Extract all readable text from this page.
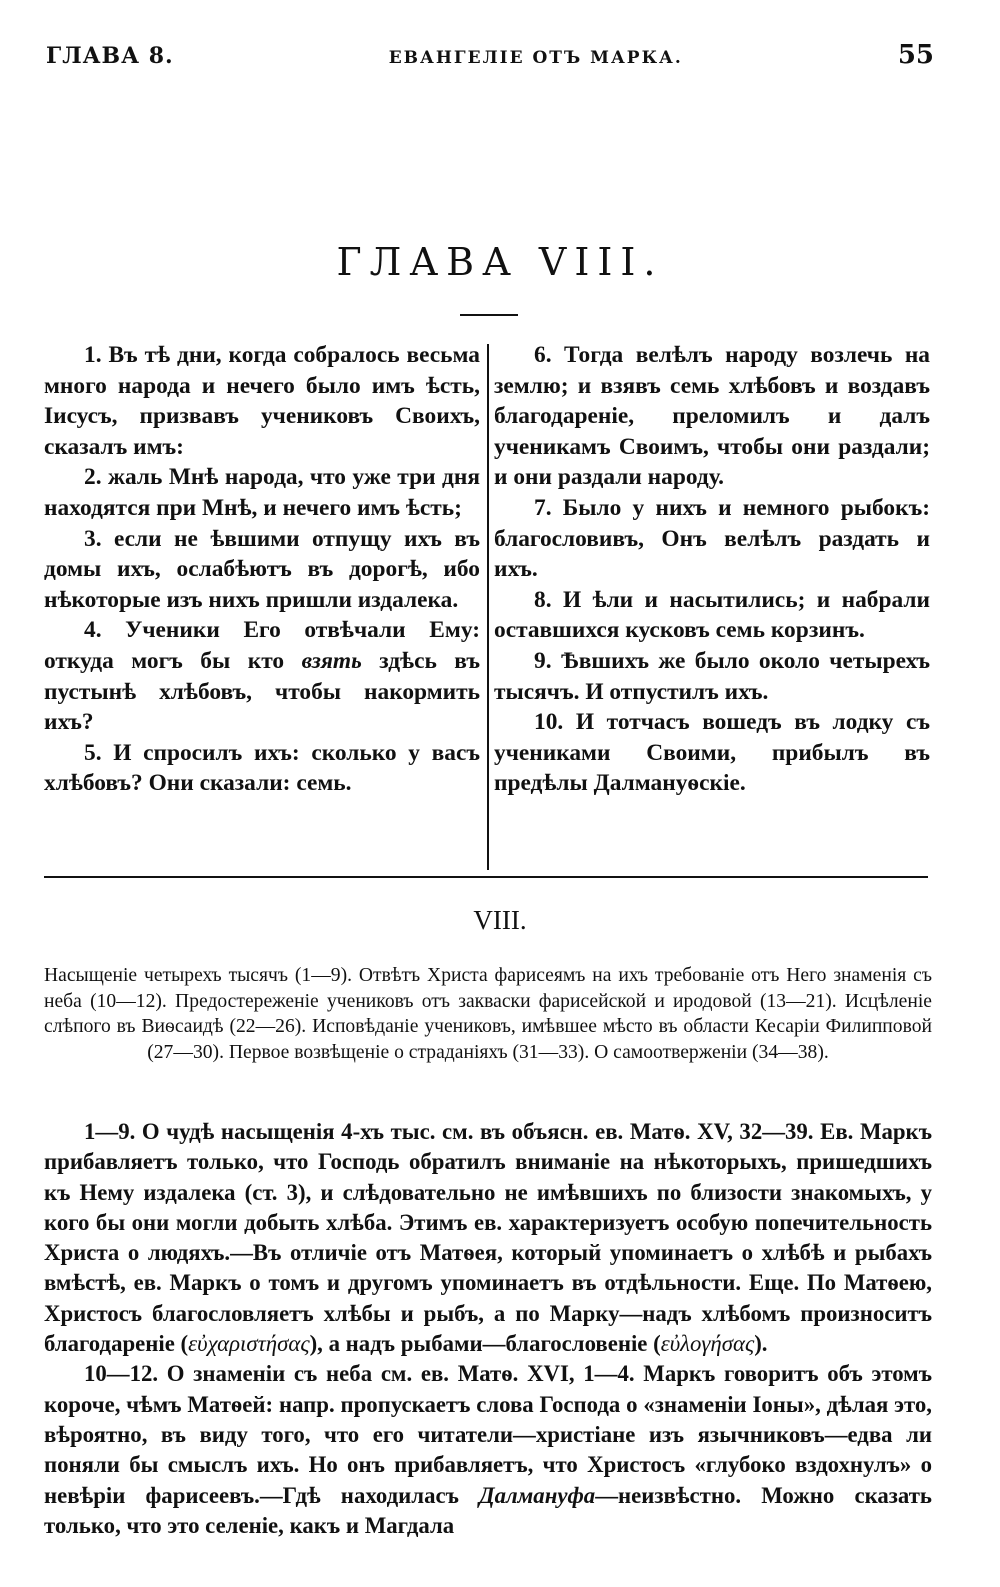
ГЛАВА 8.	ЕВАНГЕЛІЕ ОТЪ МАРКА.	55
ГЛАВА VIII.

1. Въ тѣ дни, когда собралось весьма много народа и нечего было имъ ѣсть, Іисусъ, призвавъ учениковъ Своихъ, сказалъ имъ:

2. жаль Мнѣ народа, что уже три дня находятся при Мнѣ, и нечего имъ ѣсть;

3. если не ѣвшими отпущу ихъ въ домы ихъ, ослабѣютъ въ дорогѣ, ибо нѣкоторые изъ нихъ пришли издалека.

4. Ученики Его отвѣчали Ему: откуда могъ бы кто взять здѣсь въ пустынѣ хлѣбовъ, чтобы накормить ихъ?

5. И спросилъ ихъ: сколько у васъ хлѣбовъ? Они сказали: семь.

6. Тогда велѣлъ народу возлечь на землю; и взявъ семь хлѣбовъ и воздавъ благодареніе, преломилъ и далъ ученикамъ Своимъ, чтобы они раздали; и они раздали народу.

7. Было у нихъ и немного рыбокъ: благословивъ, Онъ велѣлъ раздать и ихъ.

8. И ѣли и насытились; и набрали оставшихся кусковъ семь корзинъ.

9. Ѣвшихъ же было около четырехъ тысячъ. И отпустилъ ихъ.

10. И тотчасъ вошедъ въ лодку съ учениками Своими, прибылъ въ предѣлы Далмануѳскіе.

VIII.
Насыщеніе четырехъ тысячъ (1—9). Отвѣтъ Христа фарисеямъ на ихъ требованіе отъ Него знаменія съ неба (10—12). Предостереженіе учениковъ отъ закваски фарисейской и иродовой (13—21). Исцѣленіе слѣпого въ Виѳсаидѣ (22—26). Исповѣданіе учениковъ, имѣвшее мѣсто въ области Кесаріи Филипповой (27—30). Первое возвѣщеніе о страданіяхъ (31—33). О самоотверженіи (34—38).

1—9. О чудѣ насыщенія 4-хъ тыс. см. въ объясн. ев. Матѳ. XV, 32—39. Ев. Маркъ прибавляетъ только, что Господь обратилъ вниманіе на нѣкоторыхъ, пришедшихъ къ Нему издалека (ст. 3), и слѣдовательно не имѣвшихъ по близости знакомыхъ, у кого бы они могли добыть хлѣба. Этимъ ев. характеризуетъ особую попечительность Христа о людяхъ.—Въ отличіе отъ Матѳея, который упоминаетъ о хлѣбѣ и рыбахъ вмѣстѣ, ев. Маркъ о томъ и другомъ упоминаетъ въ отдѣльности. Еще. По Матѳею, Христосъ благословляетъ хлѣбы и рыбъ, а по Марку—надъ хлѣбомъ произноситъ благодареніе (εὐχαριστήσας), а надъ рыбами—благословеніе (εὐλογήσας).

10—12. О знаменіи съ неба см. ев. Матѳ. XVI, 1—4. Маркъ говоритъ объ этомъ короче, чѣмъ Матѳей: напр. пропускаетъ слова Господа о «знаменіи Іоны», дѣлая это, вѣроятно, въ виду того, что его читатели—христіане изъ язычниковъ—едва ли поняли бы смыслъ ихъ. Но онъ прибавляетъ, что Христосъ «глубоко вздохнулъ» о невѣріи фарисеевъ.—Гдѣ находиласъ Далмануфа—неизвѣстно. Можно сказать только, что это селеніе, какъ и Магдала
